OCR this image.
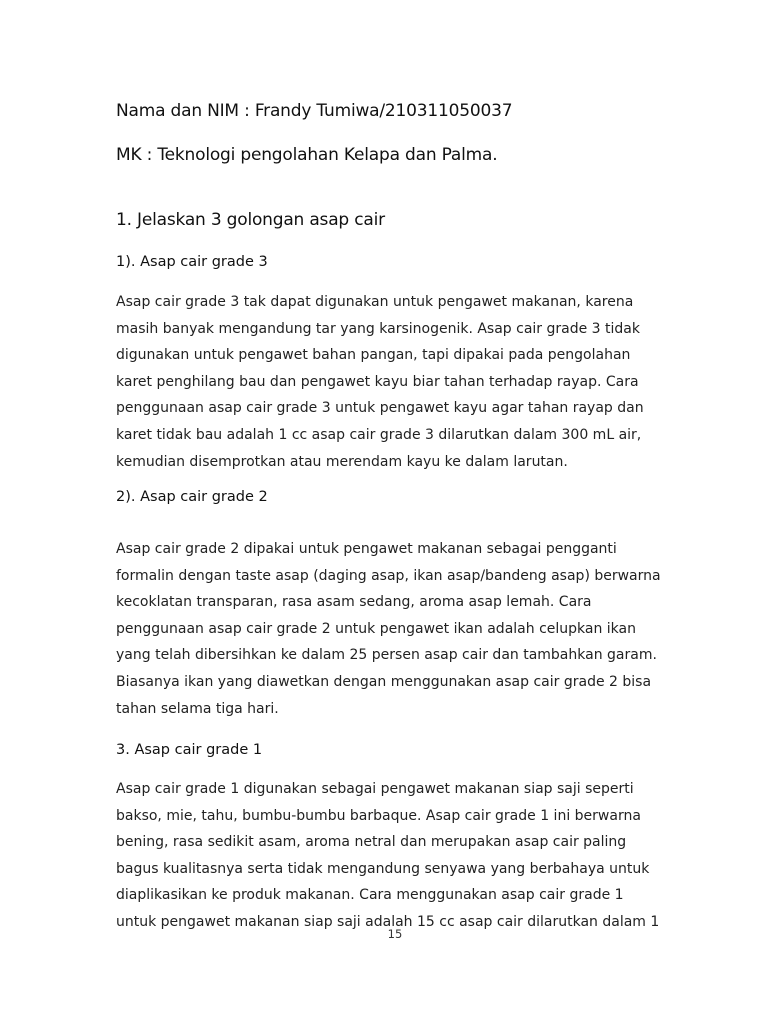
Nama dan NIM : Frandy Tumiwa/210311050037

MK : Teknologi pengolahan Kelapa dan Palma.

1. Jelaskan 3 golongan asap cair

1). Asap cair grade 3

Asap cair grade 3 tak dapat digunakan untuk pengawet makanan, karena
masih banyak mengandung tar yang karsinogenik. Asap cair grade 3 tidak
digunakan untuk pengawet bahan pangan, tapi dipakai pada pengolahan
karet penghilang bau dan pengawet kayu biar tahan terhadap rayap. Cara
penggunaan asap cair grade 3 untuk pengawet kayu agar tahan rayap dan
karet tidak bau adalah 1 cc asap cair grade 3 dilarutkan dalam 300 mL air,
kemudian disemprotkan atau merendam kayu ke dalam larutan.

2). Asap cair grade 2

Asap cair grade 2 dipakai untuk pengawet makanan sebagai pengganti
formalin dengan taste asap (daging asap, ikan asap/bandeng asap) berwarna
kecoklatan transparan, rasa asam sedang, aroma asap lemah. Cara
penggunaan asap cair grade 2 untuk pengawet ikan adalah celupkan ikan
yang telah dibersihkan ke dalam 25 persen asap cair dan tambahkan garam.
Biasanya ikan yang diawetkan dengan menggunakan asap cair grade 2 bisa
tahan selama tiga hari.

3. Asap cair grade 1

Asap cair grade 1 digunakan sebagai pengawet makanan siap saji seperti
bakso, mie, tahu, bumbu-bumbu barbaque. Asap cair grade 1 ini berwarna
bening, rasa sedikit asam, aroma netral dan merupakan asap cair paling
bagus kualitasnya serta tidak mengandung senyawa yang berbahaya untuk
diaplikasikan ke produk makanan. Cara menggunakan asap cair grade 1
untuk pengawet makanan siap saji adalah 15 cc asap cair dilarutkan dalam 1

15
